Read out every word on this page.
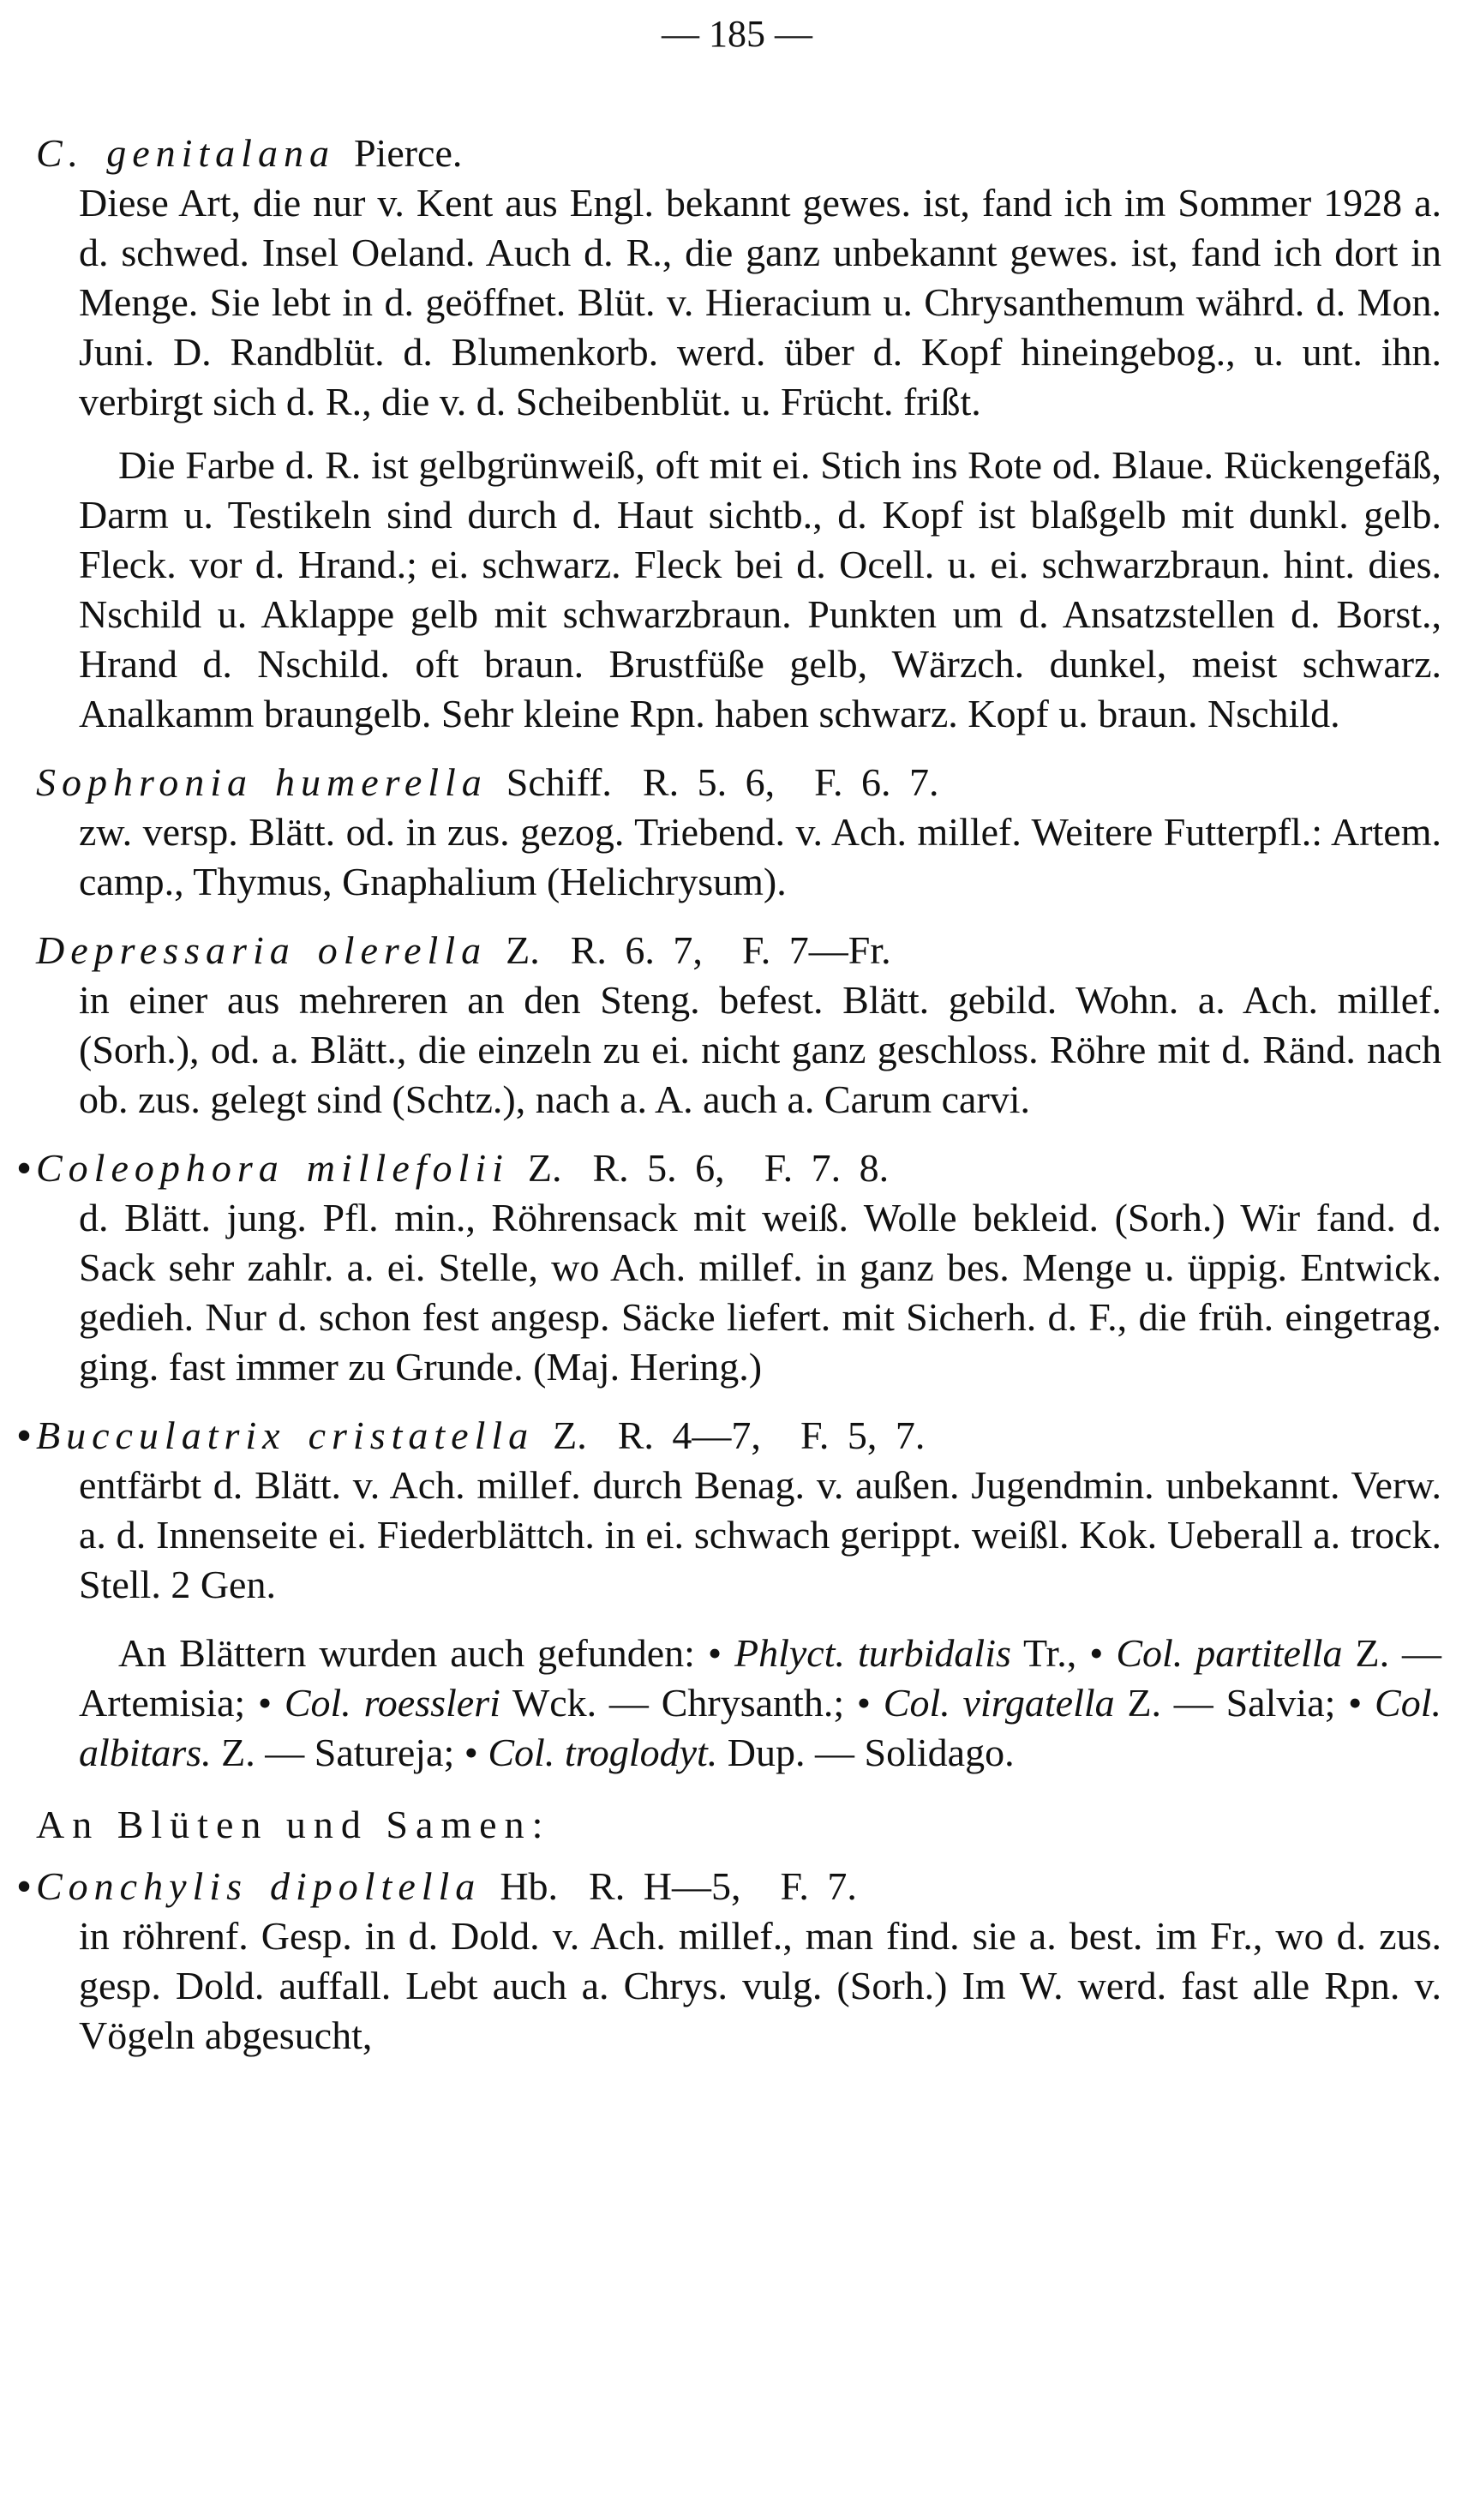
— 185 —
C. genitalana Pierce.

Diese Art, die nur v. Kent aus Engl. bekannt gewes. ist, fand ich im Sommer 1928 a. d. schwed. Insel Oeland. Auch d. R., die ganz unbekannt gewes. ist, fand ich dort in Menge. Sie lebt in d. geöffnet. Blüt. v. Hieracium u. Chrysanthemum währd. d. Mon. Juni. D. Randblüt. d. Blumenkorb. werd. über d. Kopf hineingebog., u. unt. ihn. verbirgt sich d. R., die v. d. Scheibenblüt. u. Frücht. frißt.

Die Farbe d. R. ist gelbgrünweiß, oft mit ei. Stich ins Rote od. Blaue. Rückengefäß, Darm u. Testikeln sind durch d. Haut sichtb., d. Kopf ist blaßgelb mit dunkl. gelb. Fleck. vor d. Hrand.; ei. schwarz. Fleck bei d. Ocell. u. ei. schwarzbraun. hint. dies. Nschild u. Aklappe gelb mit schwarzbraun. Punkten um d. Ansatzstellen d. Borst., Hrand d. Nschild. oft braun. Brustfüße gelb, Wärzch. dunkel, meist schwarz. Analkamm braungelb. Sehr kleine Rpn. haben schwarz. Kopf u. braun. Nschild.

Sophronia humerella Schiff. R. 5. 6, F. 6. 7.

zw. versp. Blätt. od. in zus. gezog. Triebend. v. Ach. millef. Weitere Futterpfl.: Artem. camp., Thymus, Gnaphalium (Helichrysum).

Depressaria olerella Z. R. 6. 7, F. 7—Fr.

in einer aus mehreren an den Steng. befest. Blätt. gebild. Wohn. a. Ach. millef. (Sorh.), od. a. Blätt., die einzeln zu ei. nicht ganz geschloss. Röhre mit d. Ränd. nach ob. zus. gelegt sind (Schtz.), nach a. A. auch a. Carum carvi.

• Coleophora millefolii Z. R. 5. 6, F. 7. 8.

d. Blätt. jung. Pfl. min., Röhrensack mit weiß. Wolle bekleid. (Sorh.) Wir fand. d. Sack sehr zahlr. a. ei. Stelle, wo Ach. millef. in ganz bes. Menge u. üppig. Entwick. gedieh. Nur d. schon fest angesp. Säcke liefert. mit Sicherh. d. F., die früh. eingetrag. ging. fast immer zu Grunde. (Maj. Hering.)

• Bucculatrix cristatella Z. R. 4—7, F. 5, 7.

entfärbt d. Blätt. v. Ach. millef. durch Benag. v. außen. Jugendmin. unbekannt. Verw. a. d. Innenseite ei. Fiederblättch. in ei. schwach gerippt. weißl. Kok. Ueberall a. trock. Stell. 2 Gen.

An Blättern wurden auch gefunden: • Phlyct. turbidalis Tr., • Col. partitella Z. — Artemisia; • Col. roessleri Wck. — Chrysanth.; • Col. virgatella Z. — Salvia; • Col. albitars. Z. — Satureja; • Col. troglodyt. Dup. — Solidago.

An Blüten und Samen:
• Conchylis dipoltella Hb. R. H—5, F. 7.

in röhrenf. Gesp. in d. Dold. v. Ach. millef., man find. sie a. best. im Fr., wo d. zus. gesp. Dold. auffall. Lebt auch a. Chrys. vulg. (Sorh.) Im W. werd. fast alle Rpn. v. Vögeln abgesucht,
